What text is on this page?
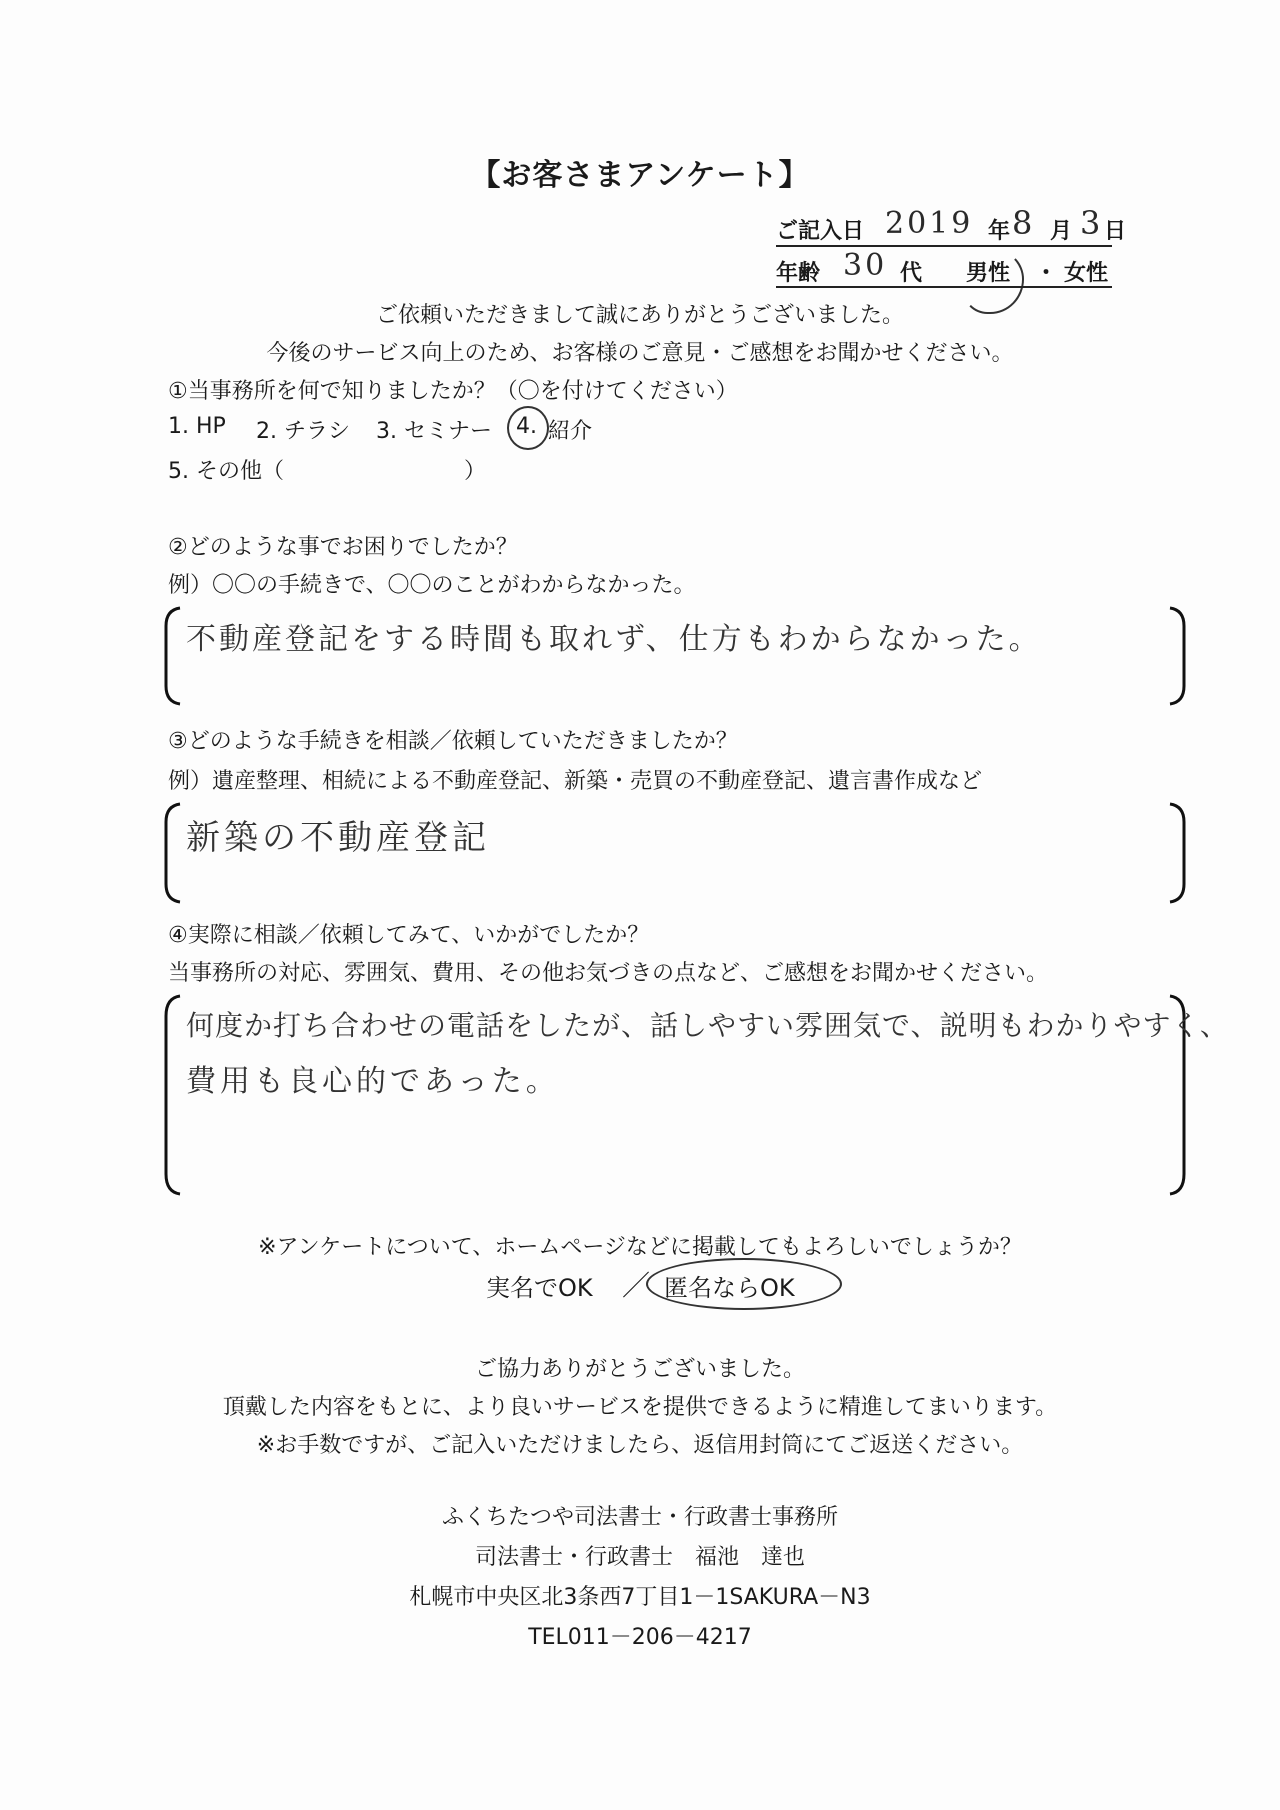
【お客さまアンケート】
ご記入日 2019 年 8 月 3 日
年齢 30 代 男性 ・ 女性
ご依頼いただきまして誠にありがとうございました。
今後のサービス向上のため、お客様のご意見・ご感想をお聞かせください。
①当事務所を何で知りましたか？（〇を付けてください）
1. HP 2. チラシ 3. セミナー 4. 紹介
5. その他（	）
②どのような事でお困りでしたか？
例）〇〇の手続きで、〇〇のことがわからなかった。
不動産登記をする時間も取れず、仕方もわからなかった。
③どのような手続きを相談／依頼していただきましたか？
例）遺産整理、相続による不動産登記、新築・売買の不動産登記、遺言書作成など
新築の不動産登記
④実際に相談／依頼してみて、いかがでしたか？
当事務所の対応、雰囲気、費用、その他お気づきの点など、ご感想をお聞かせください。
何度か打ち合わせの電話をしたが、話しやすい雰囲気で、説明もわかりやすく、
費用も良心的であった。
※アンケートについて、ホームページなどに掲載してもよろしいでしょうか？
実名でOK ／ 匿名ならOK
ご協力ありがとうございました。
頂戴した内容をもとに、より良いサービスを提供できるように精進してまいります。
※お手数ですが、ご記入いただけましたら、返信用封筒にてご返送ください。
ふくちたつや司法書士・行政書士事務所
司法書士・行政書士　福池　達也
札幌市中央区北3条西7丁目1－1SAKURA－N3
TEL011－206－4217
